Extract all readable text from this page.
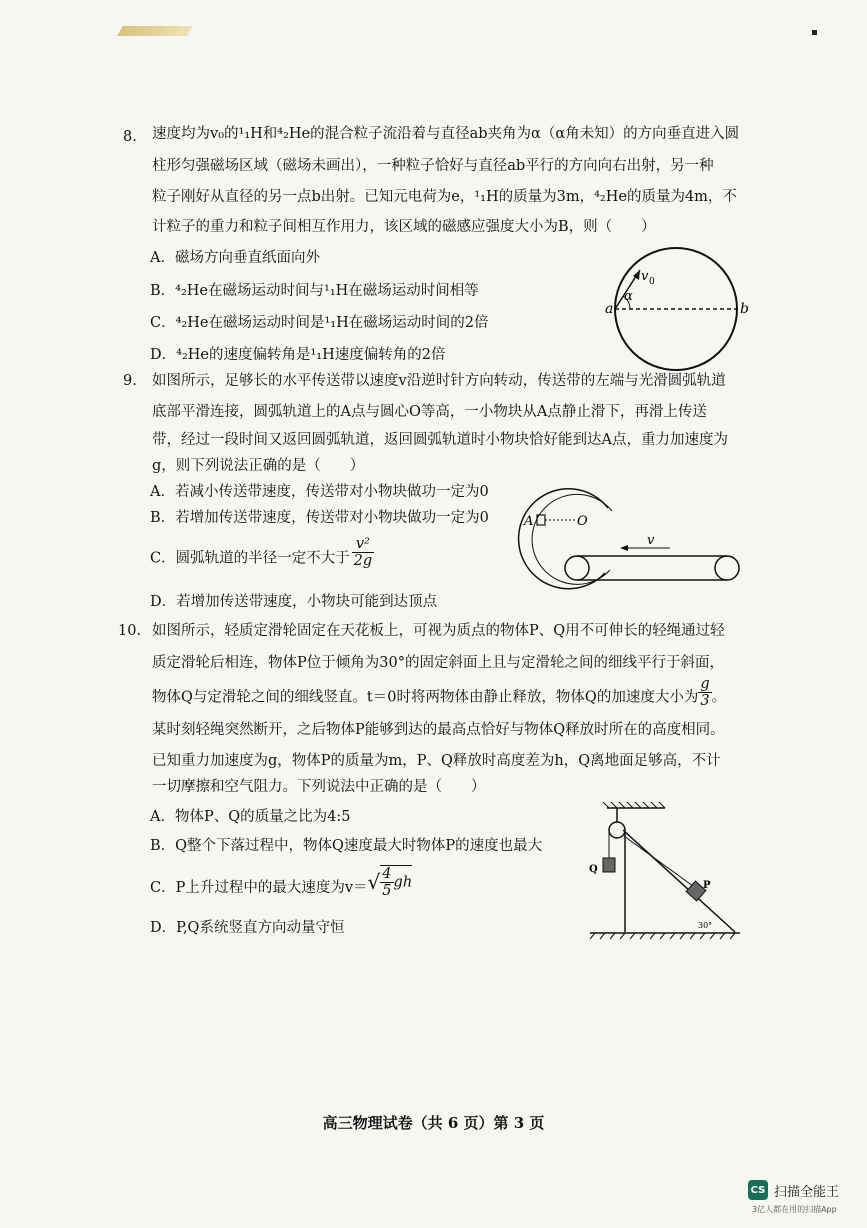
8. 速度均为v₀的¹₁H和⁴₂He的混合粒子流沿着与直径ab夹角为α（α角未知）的方向垂直进入圆
柱形匀强磁场区域（磁场未画出），一种粒子恰好与直径ab平行的方向向右出射，另一种
粒子刚好从直径的另一点b出射。已知元电荷为e，¹₁H的质量为3m，⁴₂He的质量为4m，不
计粒子的重力和粒子间相互作用力，该区域的磁感应强度大小为B，则（　　）
A．磁场方向垂直纸面向外
B．⁴₂He在磁场运动时间与¹₁H在磁场运动时间相等
C．⁴₂He在磁场运动时间是¹₁H在磁场运动时间的2倍
D．⁴₂He的速度偏转角是¹₁H速度偏转角的2倍
v 0
α
a	b
9. 如图所示，足够长的水平传送带以速度v沿逆时针方向转动，传送带的左端与光滑圆弧轨道
底部平滑连接，圆弧轨道上的A点与圆心O等高，一小物块从A点静止滑下，再滑上传送
带，经过一段时间又返回圆弧轨道，返回圆弧轨道时小物块恰好能到达A点，重力加速度为
g，则下列说法正确的是（　　）
A．若减小传送带速度，传送带对小物块做功一定为0
B．若增加传送带速度，传送带对小物块做功一定为0
C．圆弧轨道的半径一定不大于 $\frac{\text{v²}}{2g}$
D．若增加传送带速度，小物块可能到达顶点
A	O
v
10. 如图所示，轻质定滑轮固定在天花板上，可视为质点的物体P、Q用不可伸长的轻绳通过轻
质定滑轮后相连，物体P位于倾角为30°的固定斜面上且与定滑轮之间的细线平行于斜面，
物体Q与定滑轮之间的细线竖直。t＝0时将两物体由静止释放，物体Q的加速度大小为 $\frac{g}{3}$ 。
某时刻轻绳突然断开，之后物体P能够到达的最高点恰好与物体Q释放时所在的高度相同。
已知重力加速度为g，物体P的质量为m，P、Q释放时高度差为h，Q离地面足够高，不计
一切摩擦和空气阻力。下列说法中正确的是（　　）
A．物体P、Q的质量之比为4:5
B．Q整个下落过程中，物体Q速度最大时物体P的速度也最大
C．P上升过程中的最大速度为$v=√ \frac{4}{5}$ gh
D．P,Q系统竖直方向动量守恒
Q
P
30°
高三物理试卷（共 6 页）第 3 页
CS 扫描全能王
3亿人都在用的扫描App
